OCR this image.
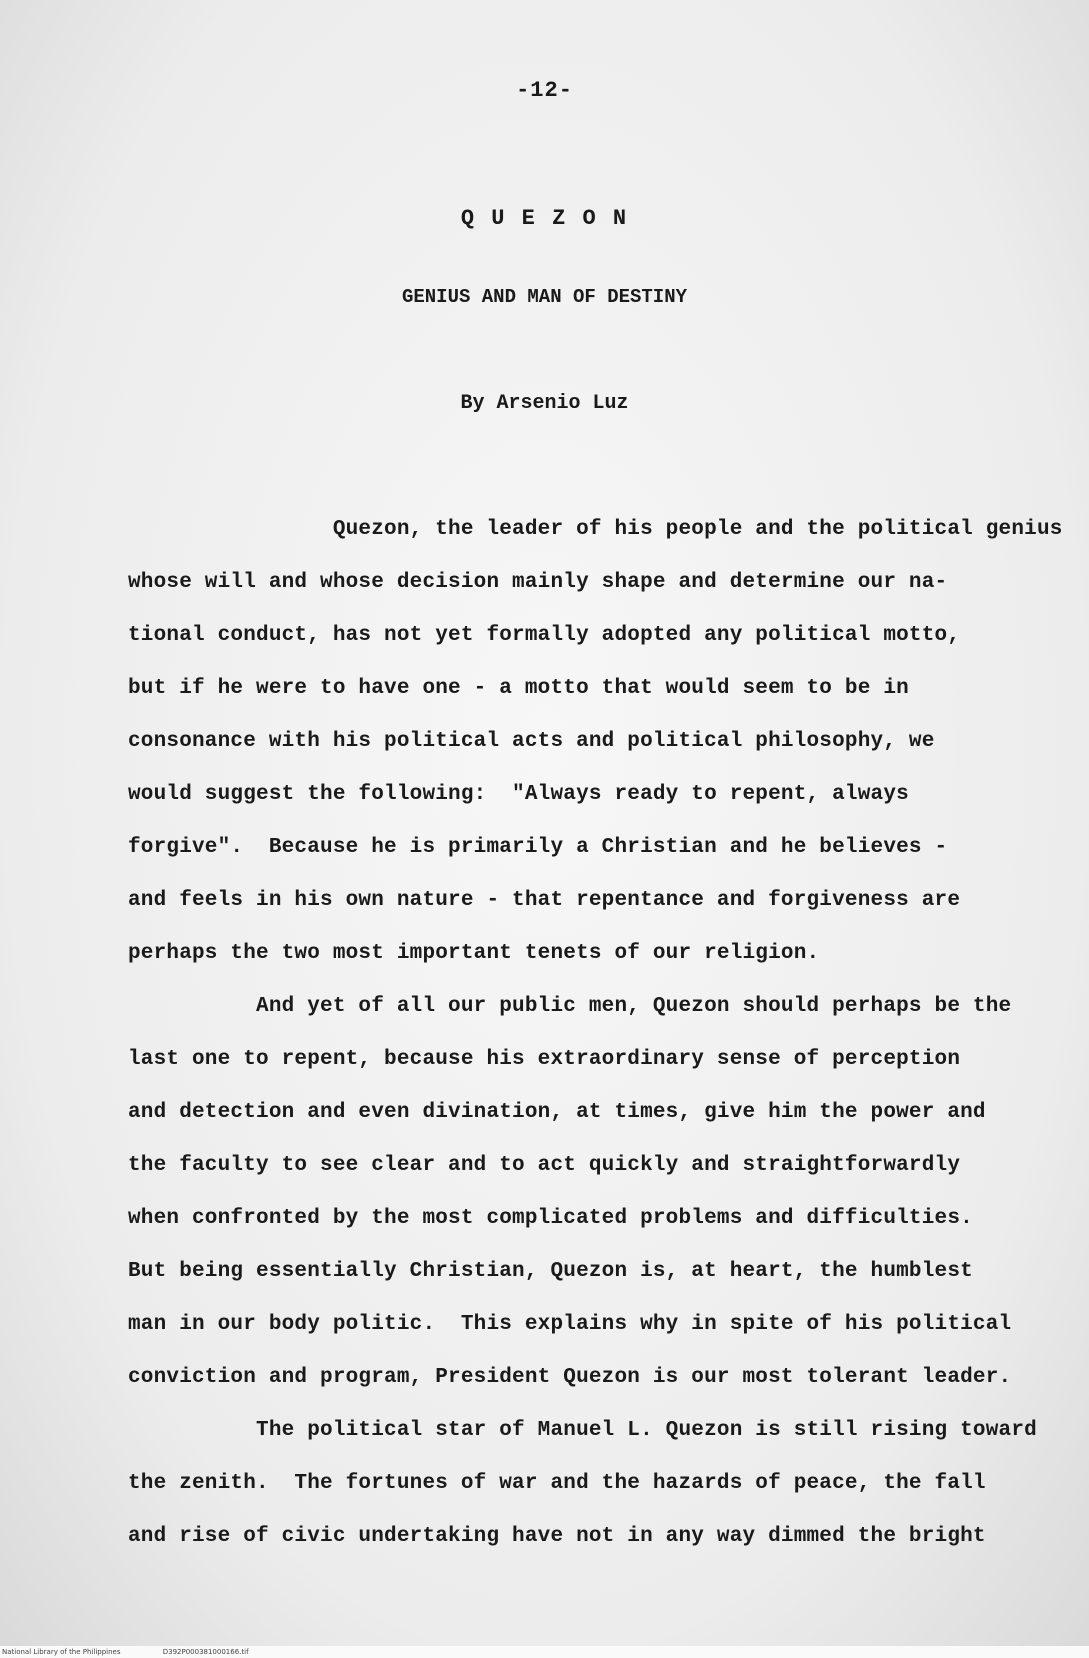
-12-
Q U E Z O N
GENIUS AND MAN OF DESTINY
By Arsenio Luz
Quezon, the leader of his people and the political genius
whose will and whose decision mainly shape and determine our na-
tional conduct, has not yet formally adopted any political motto,
but if he were to have one - a motto that would seem to be in
consonance with his political acts and political philosophy, we
would suggest the following:  "Always ready to repent, always
forgive".  Because he is primarily a Christian and he believes -
and feels in his own nature - that repentance and forgiveness are
perhaps the two most important tenets of our religion.
And yet of all our public men, Quezon should perhaps be the
last one to repent, because his extraordinary sense of perception
and detection and even divination, at times, give him the power and
the faculty to see clear and to act quickly and straightforwardly
when confronted by the most complicated problems and difficulties.
But being essentially Christian, Quezon is, at heart, the humblest
man in our body politic.  This explains why in spite of his political
conviction and program, President Quezon is our most tolerant leader.
The political star of Manuel L. Quezon is still rising toward
the zenith.  The fortunes of war and the hazards of peace, the fall
and rise of civic undertaking have not in any way dimmed the bright
National Library of the Philippines	D392P000381000166.tif
